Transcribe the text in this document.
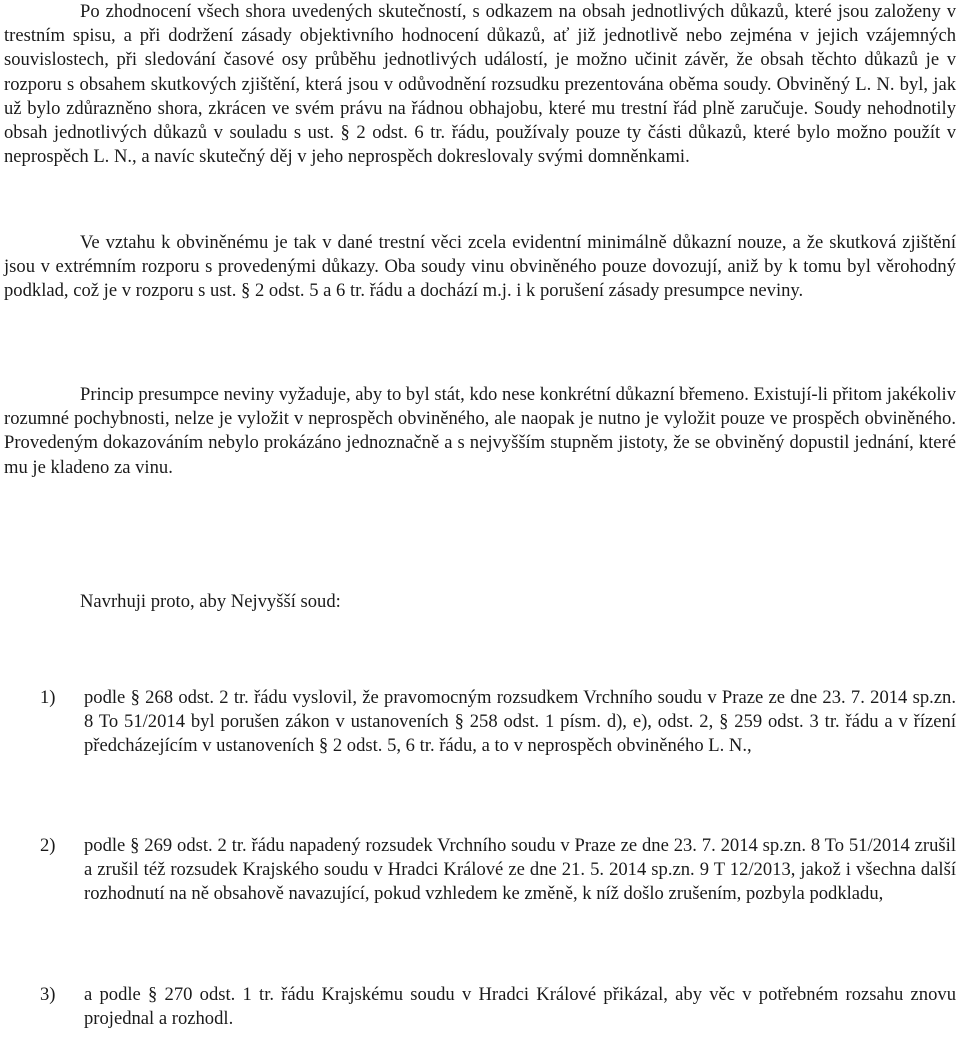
Po zhodnocení všech shora uvedených skutečností, s odkazem na obsah jednotlivých důkazů, které jsou založeny v trestním spisu, a při dodržení zásady objektivního hodnocení důkazů, ať již jednotlivě nebo zejména v jejich vzájemných souvislostech, při sledování časové osy průběhu jednotlivých událostí, je možno učinit závěr, že obsah těchto důkazů je v rozporu s obsahem skutkových zjištění, která jsou v odůvodnění rozsudku prezentována oběma soudy. Obviněný L. N. byl, jak už bylo zdůrazněno shora, zkrácen ve svém právu na řádnou obhajobu, které mu trestní řád plně zaručuje. Soudy nehodnotily obsah jednotlivých důkazů v souladu s ust. § 2 odst. 6 tr. řádu, používaly pouze ty části důkazů, které bylo možno použít v neprospěch L. N., a navíc skutečný děj v jeho neprospěch dokreslovaly svými domněnkami.

Ve vztahu k obviněnému je tak v dané trestní věci zcela evidentní minimálně důkazní nouze, a že skutková zjištění jsou v extrémním rozporu s provedenými důkazy. Oba soudy vinu obviněného pouze dovozují, aniž by k tomu byl věrohodný podklad, což je v rozporu s ust. § 2 odst. 5 a 6 tr. řádu a dochází m.j. i k porušení zásady presumpce neviny.

Princip presumpce neviny vyžaduje, aby to byl stát, kdo nese konkrétní důkazní břemeno. Existují-li přitom jakékoliv rozumné pochybnosti, nelze je vyložit v neprospěch obviněného, ale naopak je nutno je vyložit pouze ve prospěch obviněného. Provedeným dokazováním nebylo prokázáno jednoznačně a s nejvyšším stupněm jistoty, že se obviněný dopustil jednání, které mu je kladeno za vinu.

Navrhuji proto, aby Nejvyšší soud:

1) podle § 268 odst. 2 tr. řádu vyslovil, že pravomocným rozsudkem Vrchního soudu v Praze ze dne 23. 7. 2014 sp.zn. 8 To 51/2014 byl porušen zákon v ustanoveních § 258 odst. 1 písm. d), e), odst. 2, § 259 odst. 3 tr. řádu a v řízení předcházejícím v ustanoveních § 2 odst. 5, 6 tr. řádu, a to v neprospěch obviněného L. N.,
2) podle § 269 odst. 2 tr. řádu napadený rozsudek Vrchního soudu v Praze ze dne 23. 7. 2014 sp.zn. 8 To 51/2014 zrušil a zrušil též rozsudek Krajského soudu v Hradci Králové ze dne 21. 5. 2014 sp.zn. 9 T 12/2013, jakož i všechna další rozhodnutí na ně obsahově navazující, pokud vzhledem ke změně, k níž došlo zrušením, pozbyla podkladu,
3) a podle § 270 odst. 1 tr. řádu Krajskému soudu v Hradci Králové přikázal, aby věc v potřebném rozsahu znovu projednal a rozhodl.
